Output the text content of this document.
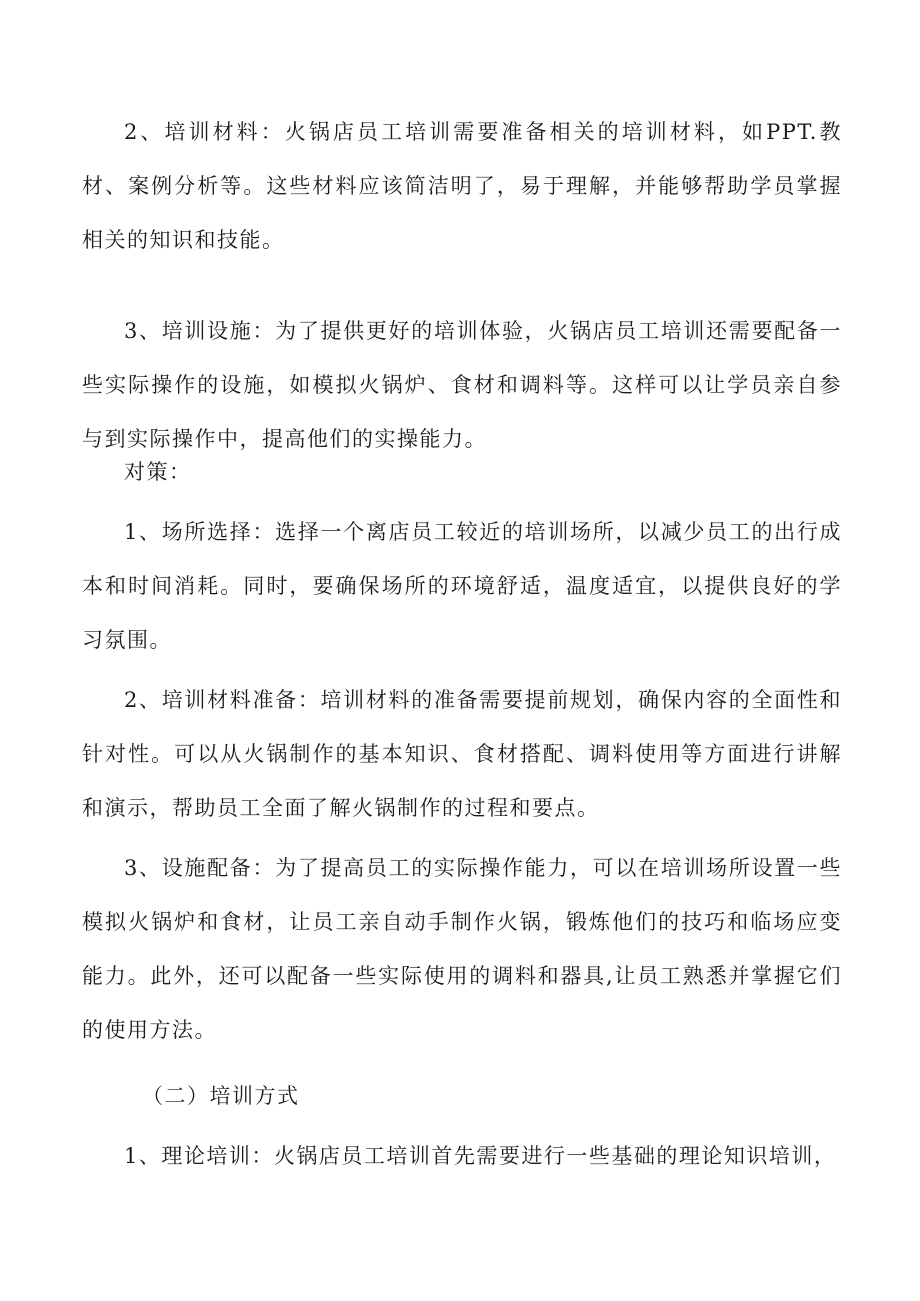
2、培训材料：火锅店员工培训需要准备相关的培训材料，如PPT.教材、案例分析等。这些材料应该简洁明了，易于理解，并能够帮助学员掌握相关的知识和技能。

3、培训设施：为了提供更好的培训体验，火锅店员工培训还需要配备一些实际操作的设施，如模拟火锅炉、食材和调料等。这样可以让学员亲自参与到实际操作中，提高他们的实操能力。

对策：

1、场所选择：选择一个离店员工较近的培训场所，以减少员工的出行成本和时间消耗。同时，要确保场所的环境舒适，温度适宜，以提供良好的学习氛围。

2、培训材料准备：培训材料的准备需要提前规划，确保内容的全面性和针对性。可以从火锅制作的基本知识、食材搭配、调料使用等方面进行讲解和演示，帮助员工全面了解火锅制作的过程和要点。

3、设施配备：为了提高员工的实际操作能力，可以在培训场所设置一些模拟火锅炉和食材，让员工亲自动手制作火锅，锻炼他们的技巧和临场应变能力。此外，还可以配备一些实际使用的调料和器具,让员工熟悉并掌握它们的使用方法。

（二）培训方式

1、理论培训：火锅店员工培训首先需要进行一些基础的理论知识培训，
